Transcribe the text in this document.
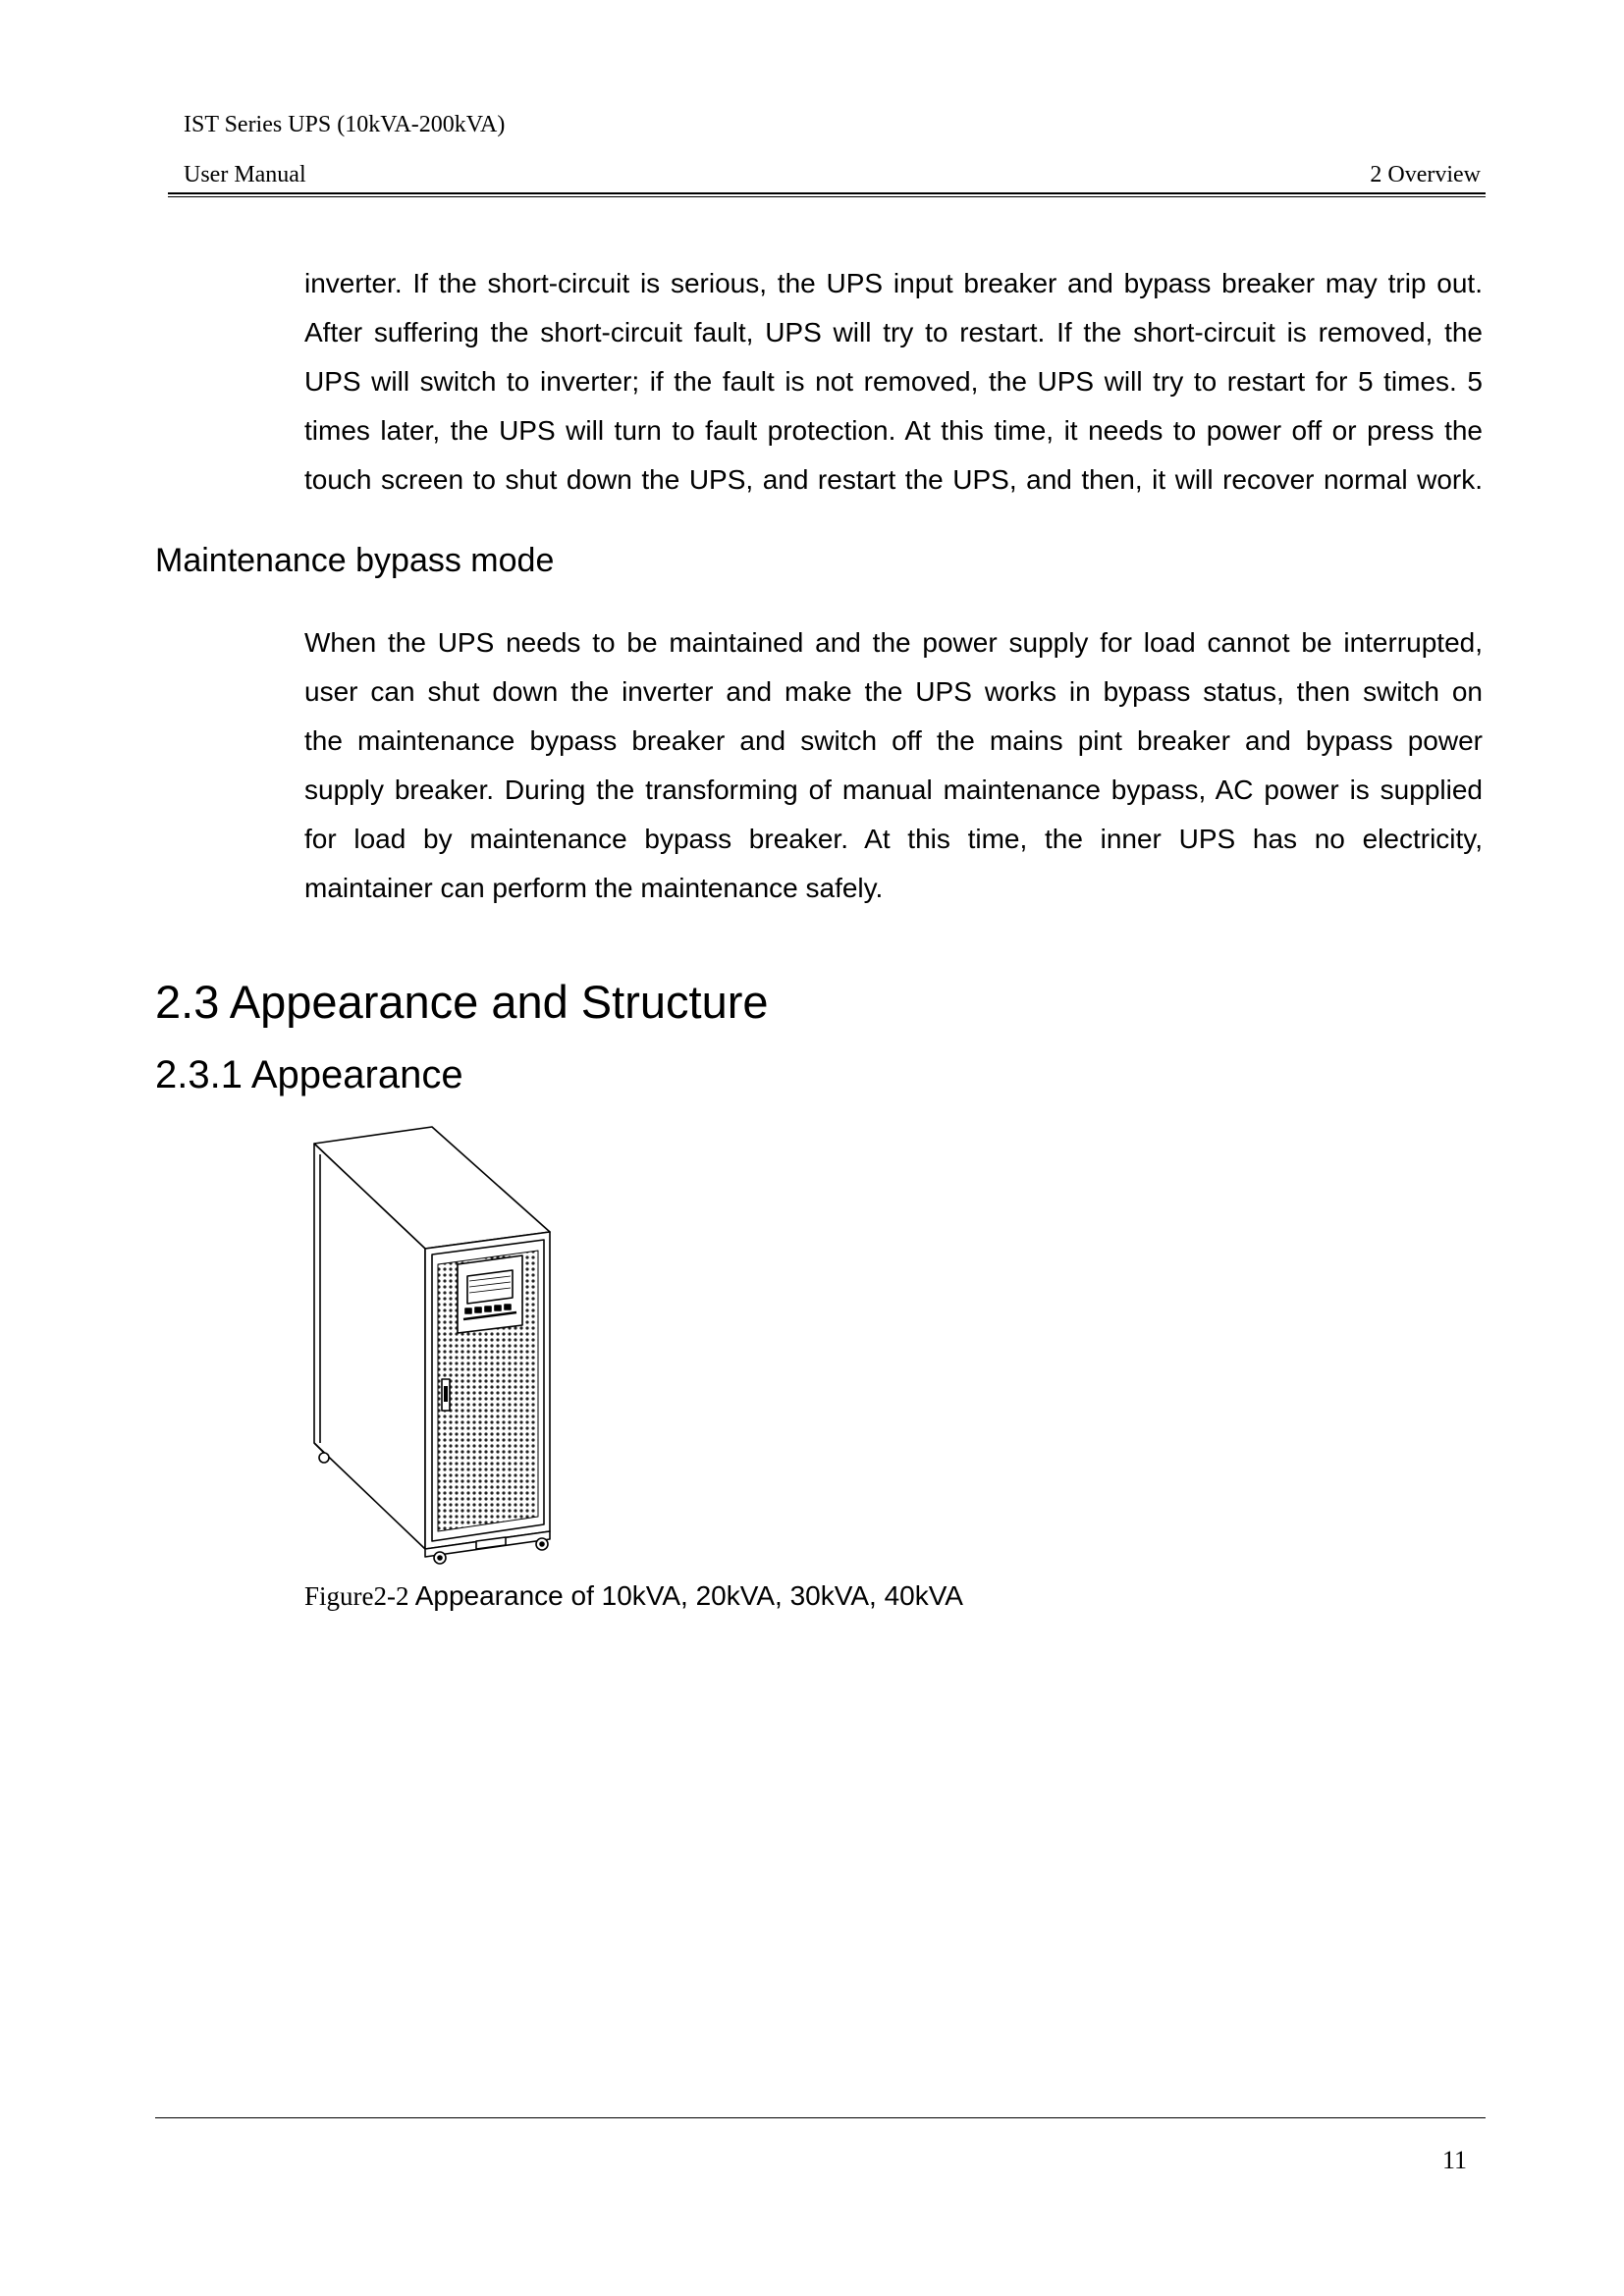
IST Series UPS (10kVA-200kVA)
User Manual	2 Overview
inverter. If the short-circuit is serious, the UPS input breaker and bypass breaker may trip out.
After suffering the short-circuit fault, UPS will try to restart. If the short-circuit is removed, the
UPS will switch to inverter; if the fault is not removed, the UPS will try to restart for 5 times. 5
times later, the UPS will turn to fault protection. At this time, it needs to power off or press the
touch screen to shut down the UPS, and restart the UPS, and then, it will recover normal work.
Maintenance bypass mode
When the UPS needs to be maintained and the power supply for load cannot be interrupted,
user can shut down the inverter and make the UPS works in bypass status, then switch on
the maintenance bypass breaker and switch off the mains pint breaker and bypass power
supply breaker. During the transforming of manual maintenance bypass, AC power is supplied
for load by maintenance bypass breaker. At this time, the inner UPS has no electricity,
maintainer can perform the maintenance safely.
2.3 Appearance and Structure
2.3.1 Appearance
Figure2-2 Appearance of 10kVA, 20kVA, 30kVA, 40kVA
11
